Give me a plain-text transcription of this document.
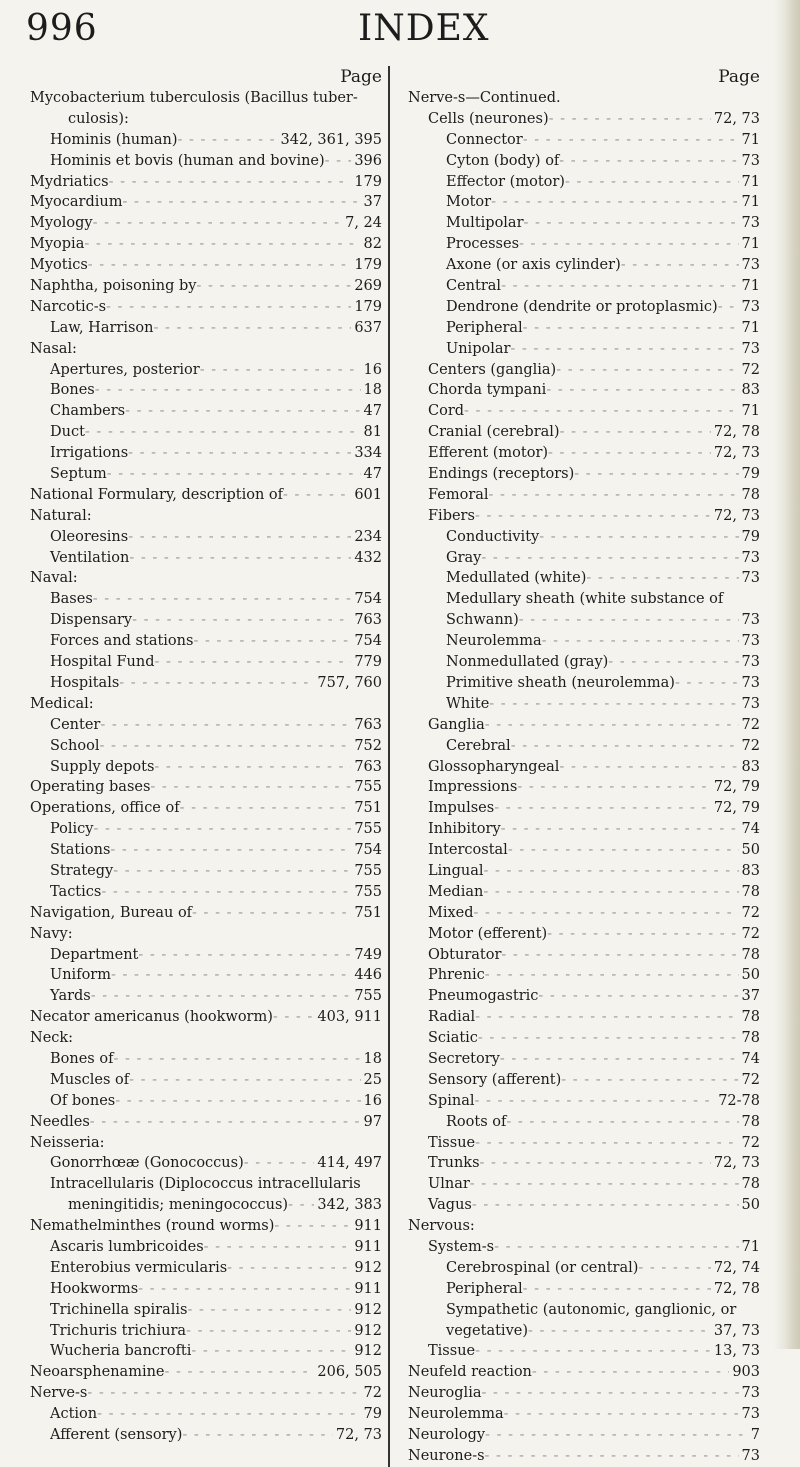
996	INDEX
Page
Mycobacterium tuberculosis (Bacillus tuber-
culosis):
Hominis (human) - - -	342, 361, 395
Hominis et bovis (human and bovine) - - - 396
Mydriatics - - -	179
Myocardium - - -	37
Myology - - -	7, 24
Myopia - - -	82
Myotics - - -	179
Naphtha, poisoning by - - -	269
Narcotic-s - - -	179
Law, Harrison - - -	637
Nasal:
Apertures, posterior - - -	16
Bones - - -	18
Chambers - - -	47
Duct - - -	81
Irrigations - - -	334
Septum - - -	47
National Formulary, description of - - -	601
Natural:
Oleoresins - - -	234
Ventilation - - -	432
Naval:
Bases - - -	754
Dispensary - - -	763
Forces and stations - - -	754
Hospital Fund - - -	779
Hospitals - - -	757, 760
Medical:
Center - - -	763
School - - -	752
Supply depots - - -	763
Operating bases - - -	755
Operations, office of - - -	751
Policy - - -	755
Stations - - -	754
Strategy - - -	755
Tactics - - -	755
Navigation, Bureau of - - -	751
Navy:
Department - - -	749
Uniform - - -	446
Yards - - -	755
Necator americanus (hookworm) - - -	403, 911
Neck:
Bones of - - -	18
Muscles of - - -	25
Of bones - - -	16
Needles - - -	97
Neisseria:
Gonorrhœæ (Gonococcus) - - -	414, 497
Intracellularis (Diplococcus intracellularis
meningitidis; meningococcus) - - - 342, 383
Nemathelminthes (round worms) - - -	911
Ascaris lumbricoides - - -	911
Enterobius vermicularis - - -	912
Hookworms - - -	911
Trichinella spiralis - - -	912
Trichuris trichiura - - -	912
Wucheria bancrofti - - -	912
Neoarsphenamine - - -	206, 505
Nerve-s - - -	72
Action - - -	79
Afferent (sensory) - - -	72, 73
Page
Nerve-s—Continued.
Cells (neurones) - - -	72, 73
Connector - - -	71
Cyton (body) of - - -	73
Effector (motor) - - -	71
Motor - - -	71
Multipolar - - -	73
Processes - - -	71
Axone (or axis cylinder) - - -	73
Central - - -	71
Dendrone (dendrite or protoplasmic) - - - 73
Peripheral - - -	71
Unipolar - - -	73
Centers (ganglia) - - -	72
Chorda tympani - - -	83
Cord - - -	71
Cranial (cerebral) - - -	72, 78
Efferent (motor) - - -	72, 73
Endings (receptors) - - -	79
Femoral - - -	78
Fibers - - -	72, 73
Conductivity - - -	79
Gray - - -	73
Medullated (white) - - -	73
Medullary sheath (white substance of
Schwann) - - -	73
Neurolemma - - -	73
Nonmedullated (gray) - - -	73
Primitive sheath (neurolemma) - - -	73
White - - -	73
Ganglia - - -	72
Cerebral - - -	72
Glossopharyngeal - - -	83
Impressions - - -	72, 79
Impulses - - -	72, 79
Inhibitory - - -	74
Intercostal - - -	50
Lingual - - -	83
Median - - -	78
Mixed - - -	72
Motor (efferent) - - -	72
Obturator - - -	78
Phrenic - - -	50
Pneumogastric - - -	37
Radial - - -	78
Sciatic - - -	78
Secretory - - -	74
Sensory (afferent) - - -	72
Spinal - - -	72-78
Roots of - - -	78
Tissue - - -	72
Trunks - - -	72, 73
Ulnar - - -	78
Vagus - - -	50
Nervous:
System-s - - -	71
Cerebrospinal (or central) - - -	72, 74
Peripheral - - -	72, 78
Sympathetic (autonomic, ganglionic, or
vegetative) - - -	37, 73
Tissue - - -	13, 73
Neufeld reaction - - -	903
Neuroglia - - -	73
Neurolemma - - -	73
Neurology - - -	7
Neurone-s - - -	73
